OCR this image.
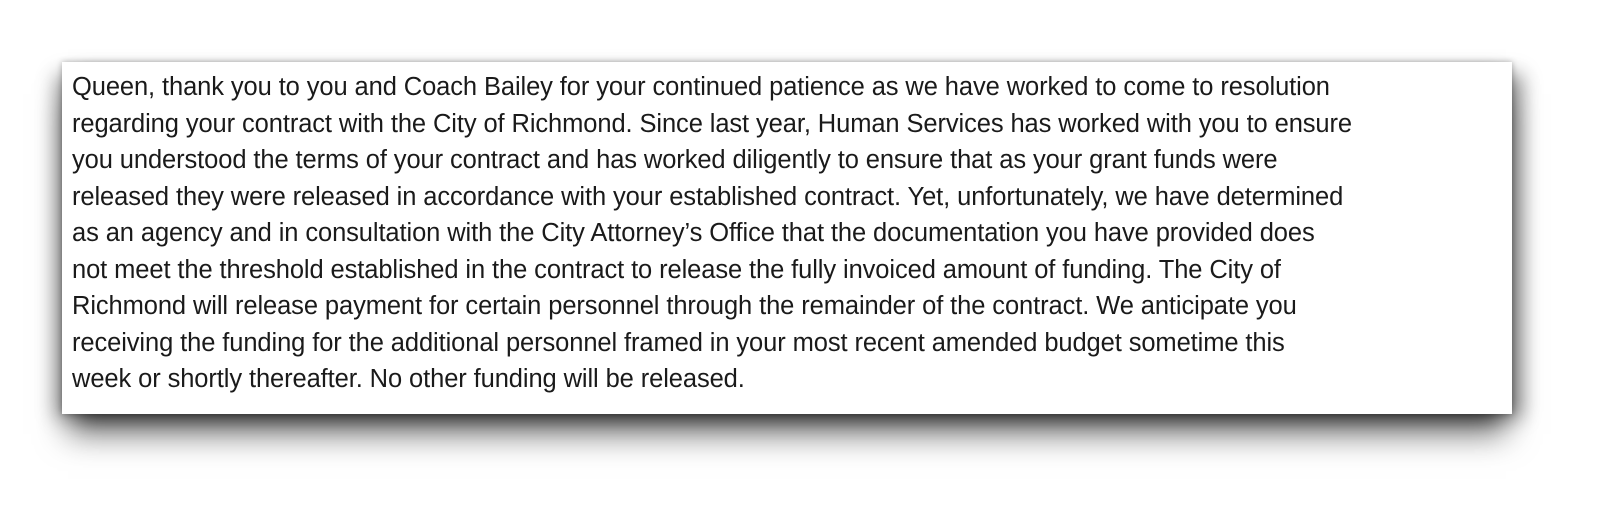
Queen, thank you to you and Coach Bailey for your continued patience as we have worked to come to resolution
regarding your contract with the City of Richmond. Since last year, Human Services has worked with you to ensure
you understood the terms of your contract and has worked diligently to ensure that as your grant funds were
released they were released in accordance with your established contract. Yet, unfortunately, we have determined
as an agency and in consultation with the City Attorney’s Office that the documentation you have provided does
not meet the threshold established in the contract to release the fully invoiced amount of funding. The City of
Richmond will release payment for certain personnel through the remainder of the contract. We anticipate you
receiving the funding for the additional personnel framed in your most recent amended budget sometime this
week or shortly thereafter. No other funding will be released.
